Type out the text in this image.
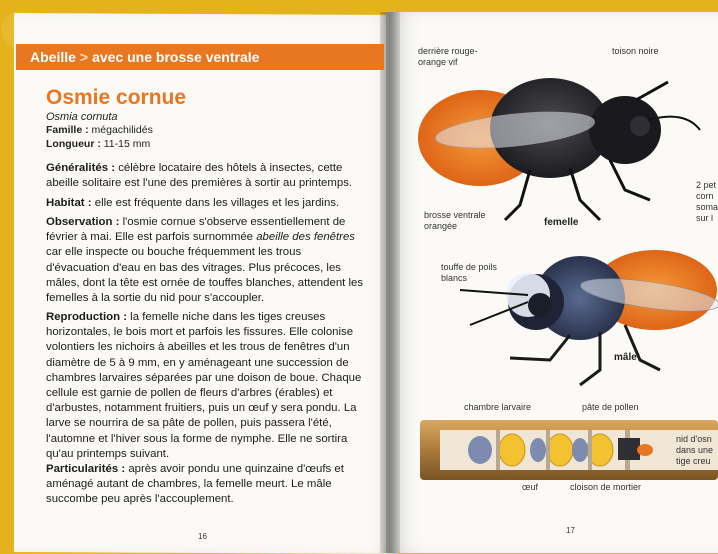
Abeille > avec une brosse ventrale
Osmie cornue
Osmia cornuta
Famille : mégachilidés
Longueur : 11-15 mm
Généralités : célèbre locataire des hôtels à insectes, cette abeille solitaire est l'une des premières à sortir au printemps.
Habitat : elle est fréquente dans les villages et les jardins.
Observation : l'osmie cornue s'observe essentiellement de février à mai. Elle est parfois surnommée abeille des fenêtres car elle inspecte ou bouche fréquemment les trous d'évacuation d'eau en bas des vitrages. Plus précoces, les mâles, dont la tête est ornée de touffes blanches, attendent les femelles à la sortie du nid pour s'accoupler.
Reproduction : la femelle niche dans les tiges creuses horizontales, le bois mort et parfois les fissures. Elle colonise volontiers les nichoirs à abeilles et les trous de fenêtres d'un diamètre de 5 à 9 mm, en y aménageant une succession de chambres larvaires séparées par une doison de boue. Chaque cellule est garnie de pollen de fleurs d'arbres (érables) et d'arbustes, notamment fruitiers, puis un œuf y sera pondu. La larve se nourrira de sa pâte de pollen, puis passera l'été, l'automne et l'hiver sous la forme de nymphe. Elle ne sortira qu'au printemps suivant.
Particularités : après avoir pondu une quinzaine d'œufs et aménagé autant de chambres, la femelle meurt. Le mâle succombe peu après l'accouplement.
16
derrière rouge-orange vif
toison noire
2 pet corn soma sur l
brosse ventrale orangée	femelle
touffe de poils blancs
mâle
chambre larvaire	pâte de pollen
nid d'osn dans une tige creu
œuf	cloison de mortier
17
